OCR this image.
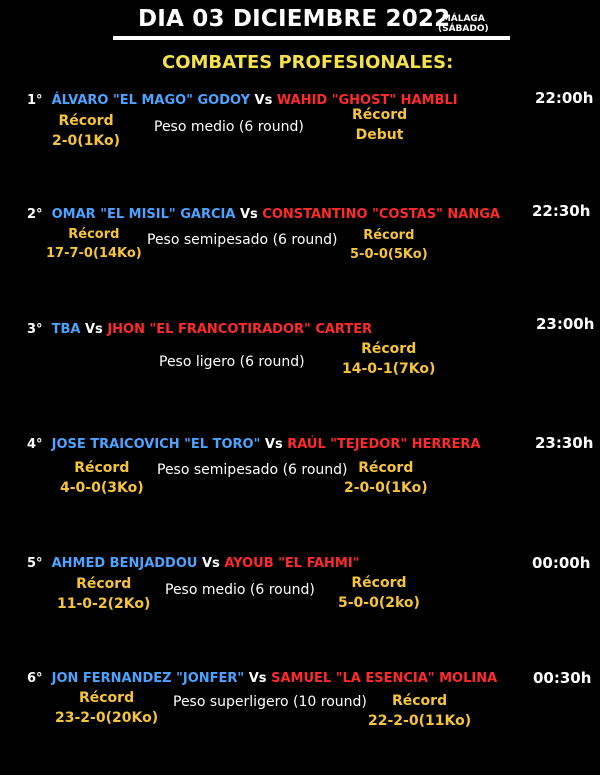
DIA 03 DICIEMBRE 2022
MÁLAGA
(SÁBADO)
COMBATES PROFESIONALES:
1° ÁLVARO "EL MAGO" GODOY Vs WAHID "GHOST" HAMBLI
Récord
2-0(1Ko)
Peso medio (6 round)
Récord
Debut
22:00h
2° OMAR "EL MISIL" GARCIA Vs CONSTANTINO "COSTAS" NANGA
Récord
17-7-0(14Ko)
Peso semipesado (6 round)	Récord
5-0-0(5Ko)
22:30h
3° TBA Vs JHON "EL FRANCOTIRADOR" CARTER
Peso ligero (6 round)
Récord
14-0-1(7Ko)
23:00h
4° JOSE TRAICOVICH "EL TORO" Vs RAÚL "TEJEDOR" HERRERA
Récord
4-0-0(3Ko)
Peso semipesado (6 round) Récord
2-0-0(1Ko)
23:30h
5° AHMED BENJADDOU Vs AYOUB "EL FAHMI"
Récord
11-0-2(2Ko)
Peso medio (6 round)	Récord
5-0-0(2ko)
00:00h
6° JON FERNANDEZ "JONFER" Vs SAMUEL "LA ESENCIA" MOLINA
Récord
23-2-0(20Ko)
Peso superligero (10 round)	Récord
22-2-0(11Ko)
00:30h
